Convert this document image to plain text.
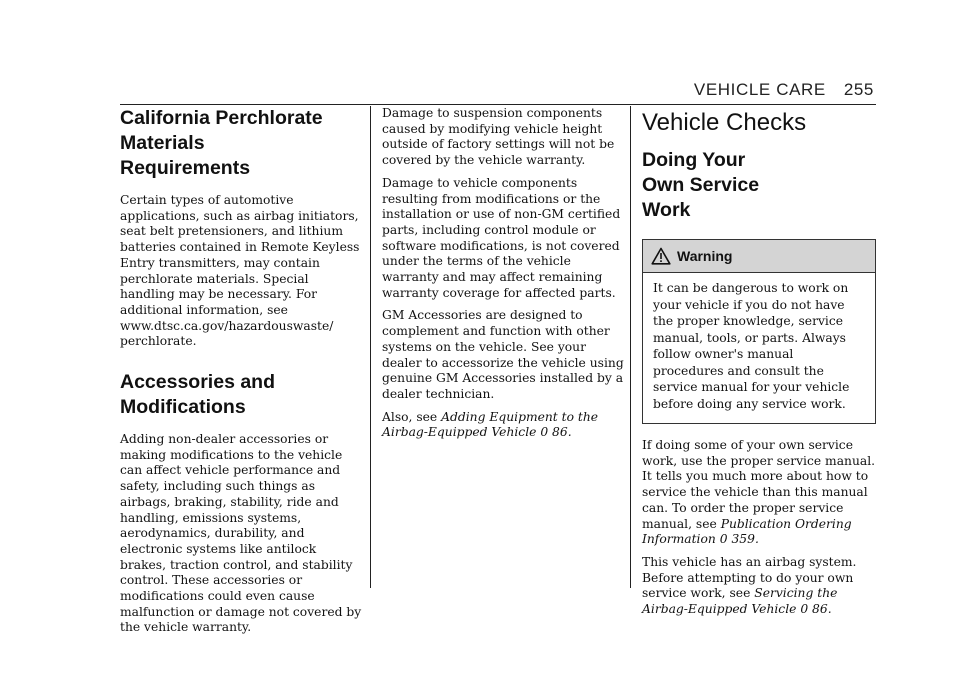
VEHICLE CARE 255
California Perchlorate Materials Requirements

Certain types of automotive applications, such as airbag initiators, seat belt pretensioners, and lithium batteries contained in Remote Keyless Entry transmitters, may contain perchlorate materials. Special handling may be necessary. For additional information, see www.dtsc.ca.gov/hazardouswaste/ perchlorate.

Accessories and Modifications

Adding non-dealer accessories or making modifications to the vehicle can affect vehicle performance and safety, including such things as airbags, braking, stability, ride and handling, emissions systems, aerodynamics, durability, and electronic systems like antilock brakes, traction control, and stability control. These accessories or modifications could even cause malfunction or damage not covered by the vehicle warranty.

Damage to suspension components caused by modifying vehicle height outside of factory settings will not be covered by the vehicle warranty.

Damage to vehicle components resulting from modifications or the installation or use of non-GM certified parts, including control module or software modifications, is not covered under the terms of the vehicle warranty and may affect remaining warranty coverage for affected parts.

GM Accessories are designed to complement and function with other systems on the vehicle. See your dealer to accessorize the vehicle using genuine GM Accessories installed by a dealer technician.

Also, see Adding Equipment to the Airbag-Equipped Vehicle 0 86.

Vehicle Checks
Doing Your Own Service Work
Warning

It can be dangerous to work on your vehicle if you do not have the proper knowledge, service manual, tools, or parts. Always follow owner's manual procedures and consult the service manual for your vehicle before doing any service work.

If doing some of your own service work, use the proper service manual. It tells you much more about how to service the vehicle than this manual can. To order the proper service manual, see Publication Ordering Information 0 359.

This vehicle has an airbag system. Before attempting to do your own service work, see Servicing the Airbag-Equipped Vehicle 0 86.
